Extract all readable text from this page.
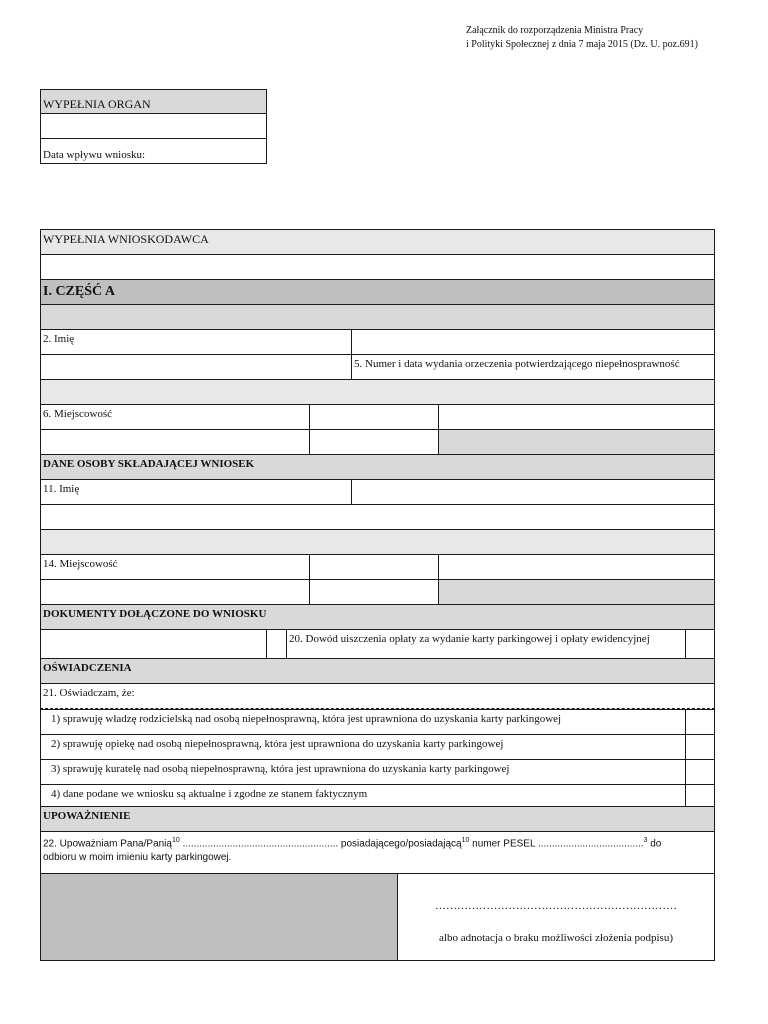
Załącznik do rozporządzenia Ministra Pracy
i Polityki Społecznej z dnia 7 maja 2015 (Dz. U. poz.691)
WYPEŁNIA ORGAN
Data wpływu wniosku:
WYPEŁNIA WNIOSKODAWCA
I. CZĘŚĆ A
2. Imię
5. Numer i data wydania orzeczenia potwierdzającego niepełnosprawność
6. Miejscowość
DANE OSOBY SKŁADAJĄCEJ WNIOSEK
11. Imię
14. Miejscowość
DOKUMENTY DOŁĄCZONE DO WNIOSKU
20. Dowód uiszczenia opłaty za wydanie karty parkingowej i opłaty ewidencyjnej
OŚWIADCZENIA
21. Oświadczam, że:
1) sprawuję władzę rodzicielską nad osobą niepełnosprawną, która jest uprawniona do uzyskania karty parkingowej
2) sprawuję opiekę nad osobą niepełnosprawną, która jest uprawniona do uzyskania karty parkingowej
3) sprawuję kuratelę nad osobą niepełnosprawną, która jest uprawniona do uzyskania karty parkingowej
4) dane podane we wniosku są aktualne i zgodne ze stanem faktycznym
UPOWAŻNIENIE
22. Upoważniam Pana/Panią$^{10}$ ........................................................ posiadającego/posiadającą$^{10}$ numer PESEL ......................................$^3$ do
odbioru w moim imieniu karty parkingowej.
…………………………………………………………
albo adnotacja o braku możliwości złożenia podpisu)
